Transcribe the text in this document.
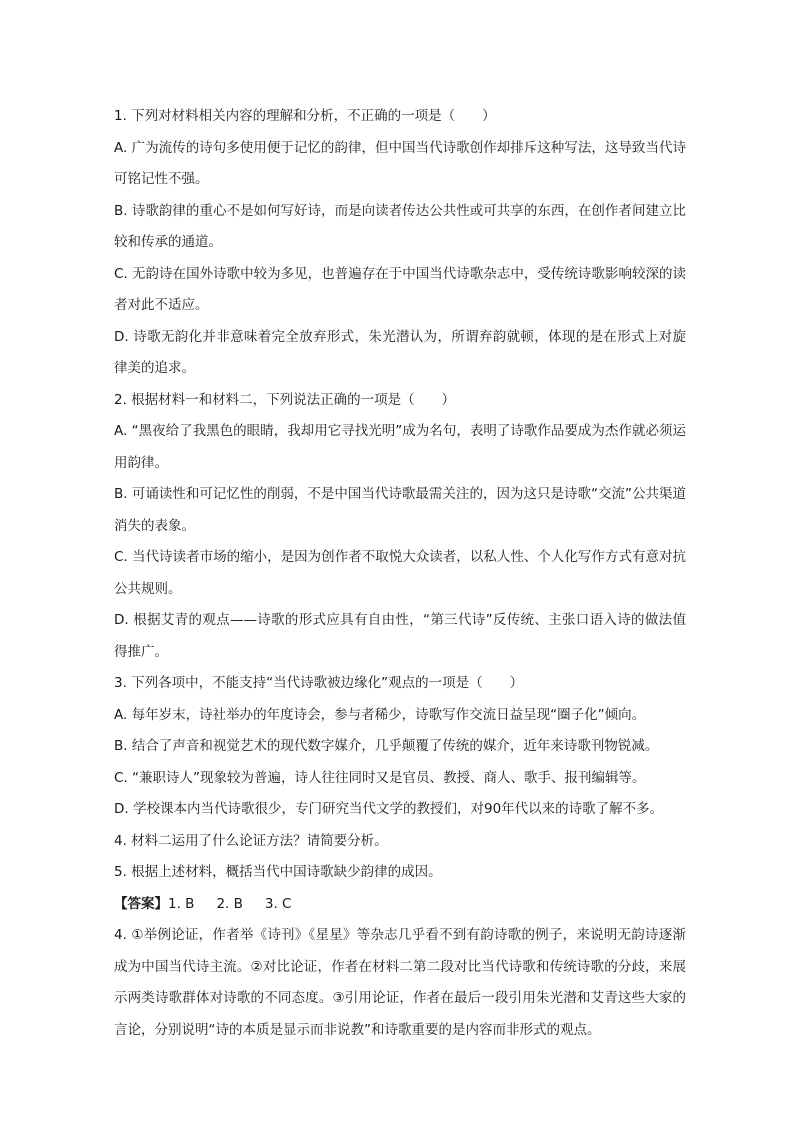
1. 下列对材料相关内容的理解和分析，不正确的一项是（　　）

A. 广为流传的诗句多使用便于记忆的韵律，但中国当代诗歌创作却排斥这种写法，这导致当代诗可铭记性不强。

B. 诗歌韵律的重心不是如何写好诗，而是向读者传达公共性或可共享的东西，在创作者间建立比较和传承的通道。

C. 无韵诗在国外诗歌中较为多见，也普遍存在于中国当代诗歌杂志中，受传统诗歌影响较深的读者对此不适应。

D. 诗歌无韵化并非意味着完全放弃形式，朱光潜认为，所谓弃韵就顿，体现的是在形式上对旋律美的追求。

2. 根据材料一和材料二，下列说法正确的一项是（　　）

A. “黑夜给了我黑色的眼睛，我却用它寻找光明”成为名句，表明了诗歌作品要成为杰作就必须运用韵律。

B. 可诵读性和可记忆性的削弱，不是中国当代诗歌最需关注的，因为这只是诗歌“交流”公共渠道消失的表象。

C. 当代诗读者市场的缩小，是因为创作者不取悦大众读者，以私人性、个人化写作方式有意对抗公共规则。

D. 根据艾青的观点——诗歌的形式应具有自由性，“第三代诗”反传统、主张口语入诗的做法值得推广。

3. 下列各项中，不能支持“当代诗歌被边缘化”观点的一项是（　　）

A. 每年岁末，诗社举办的年度诗会，参与者稀少，诗歌写作交流日益呈现“圈子化”倾向。

B. 结合了声音和视觉艺术的现代数字媒介，几乎颠覆了传统的媒介，近年来诗歌刊物锐减。

C. “兼职诗人”现象较为普遍，诗人往往同时又是官员、教授、商人、歌手、报刊编辑等。

D. 学校课本内当代诗歌很少，专门研究当代文学的教授们，对90年代以来的诗歌了解不多。

4. 材料二运用了什么论证方法？请简要分析。

5. 根据上述材料，概括当代中国诗歌缺少韵律的成因。

【答案】1. B 2. B 3. C

4. ①举例论证，作者举《诗刊》《星星》等杂志几乎看不到有韵诗歌的例子，来说明无韵诗逐渐成为中国当代诗主流。②对比论证，作者在材料二第二段对比当代诗歌和传统诗歌的分歧，来展示两类诗歌群体对诗歌的不同态度。③引用论证，作者在最后一段引用朱光潜和艾青这些大家的言论，分别说明“诗的本质是显示而非说教”和诗歌重要的是内容而非形式的观点。
